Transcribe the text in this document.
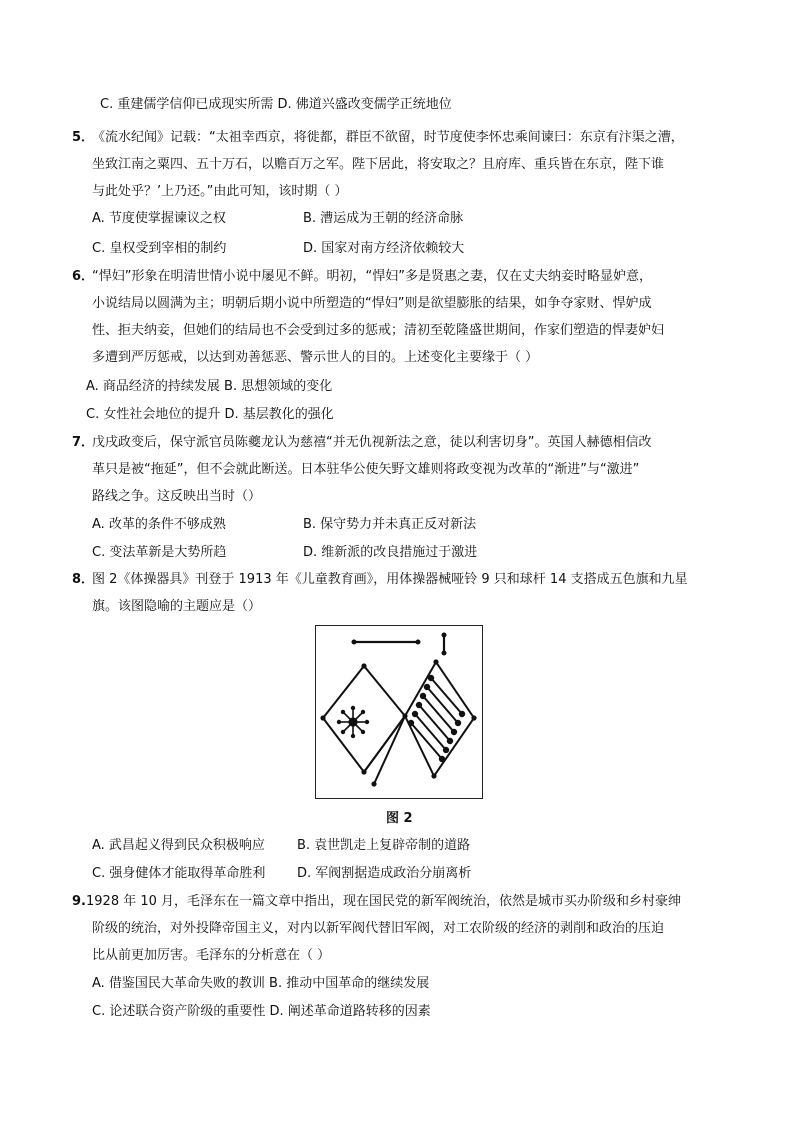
C. 重建儒学信仰已成现实所需 D. 佛道兴盛改变儒学正统地位
5．
《流水纪闻》记载：“太祖幸西京，将徙都，群臣不欲留，时节度使李怀忠乘间谏曰：东京有汴渠之漕，
坐致江南之粟四、五十万石，以赡百万之军。陛下居此，将安取之？且府库、重兵皆在东京，陛下谁
与此处乎？’上乃还。”由此可知，该时期（ ）
A. 节度使掌握谏议之权	B. 漕运成为王朝的经济命脉
C. 皇权受到宰相的制约	D. 国家对南方经济依赖较大
6．
“悍妇”形象在明清世情小说中屡见不鲜。明初，“悍妇”多是贤惠之妻，仅在丈夫纳妾时略显妒意，
小说结局以圆满为主；明朝后期小说中所塑造的“悍妇”则是欲望膨胀的结果，如争夺家财、悍妒成
性、拒夫纳妾，但她们的结局也不会受到过多的惩戒；清初至乾隆盛世期间，作家们塑造的悍妻妒妇
多遭到严厉惩戒，以达到劝善惩恶、警示世人的目的。上述变化主要缘于（ ）
A. 商品经济的持续发展 B. 思想领域的变化
C. 女性社会地位的提升 D. 基层教化的强化
7．
戊戌政变后，保守派官员陈夔龙认为慈禧“并无仇视新法之意，徒以利害切身”。英国人赫德相信改
革只是被“拖延”，但不会就此断送。日本驻华公使矢野文雄则将政变视为改革的“渐进”与“激进”
路线之争。这反映出当时（）
A. 改革的条件不够成熟	B. 保守势力并未真正反对新法
C. 变法革新是大势所趋	D. 维新派的改良措施过于激进
8．
图 2《体操器具》刊登于 1913 年《儿童教育画》，用体操器械哑铃 9 只和球杆 14 支搭成五色旗和九星
旗。该图隐喻的主题应是（）
图 2
A. 武昌起义得到民众积极响应 B. 袁世凯走上复辟帝制的道路
C. 强身健体才能取得革命胜利 D. 军阀割据造成政治分崩离析
9. 1928 年 10 月，毛泽东在一篇文章中指出，现在国民党的新军阀统治，依然是城市买办阶级和乡村豪绅
阶级的统治，对外投降帝国主义，对内以新军阀代替旧军阀，对工农阶级的经济的剥削和政治的压迫
比从前更加厉害。毛泽东的分析意在（ ）
A. 借鉴国民大革命失败的教训 B. 推动中国革命的继续发展
C. 论述联合资产阶级的重要性 D. 阐述革命道路转移的因素
